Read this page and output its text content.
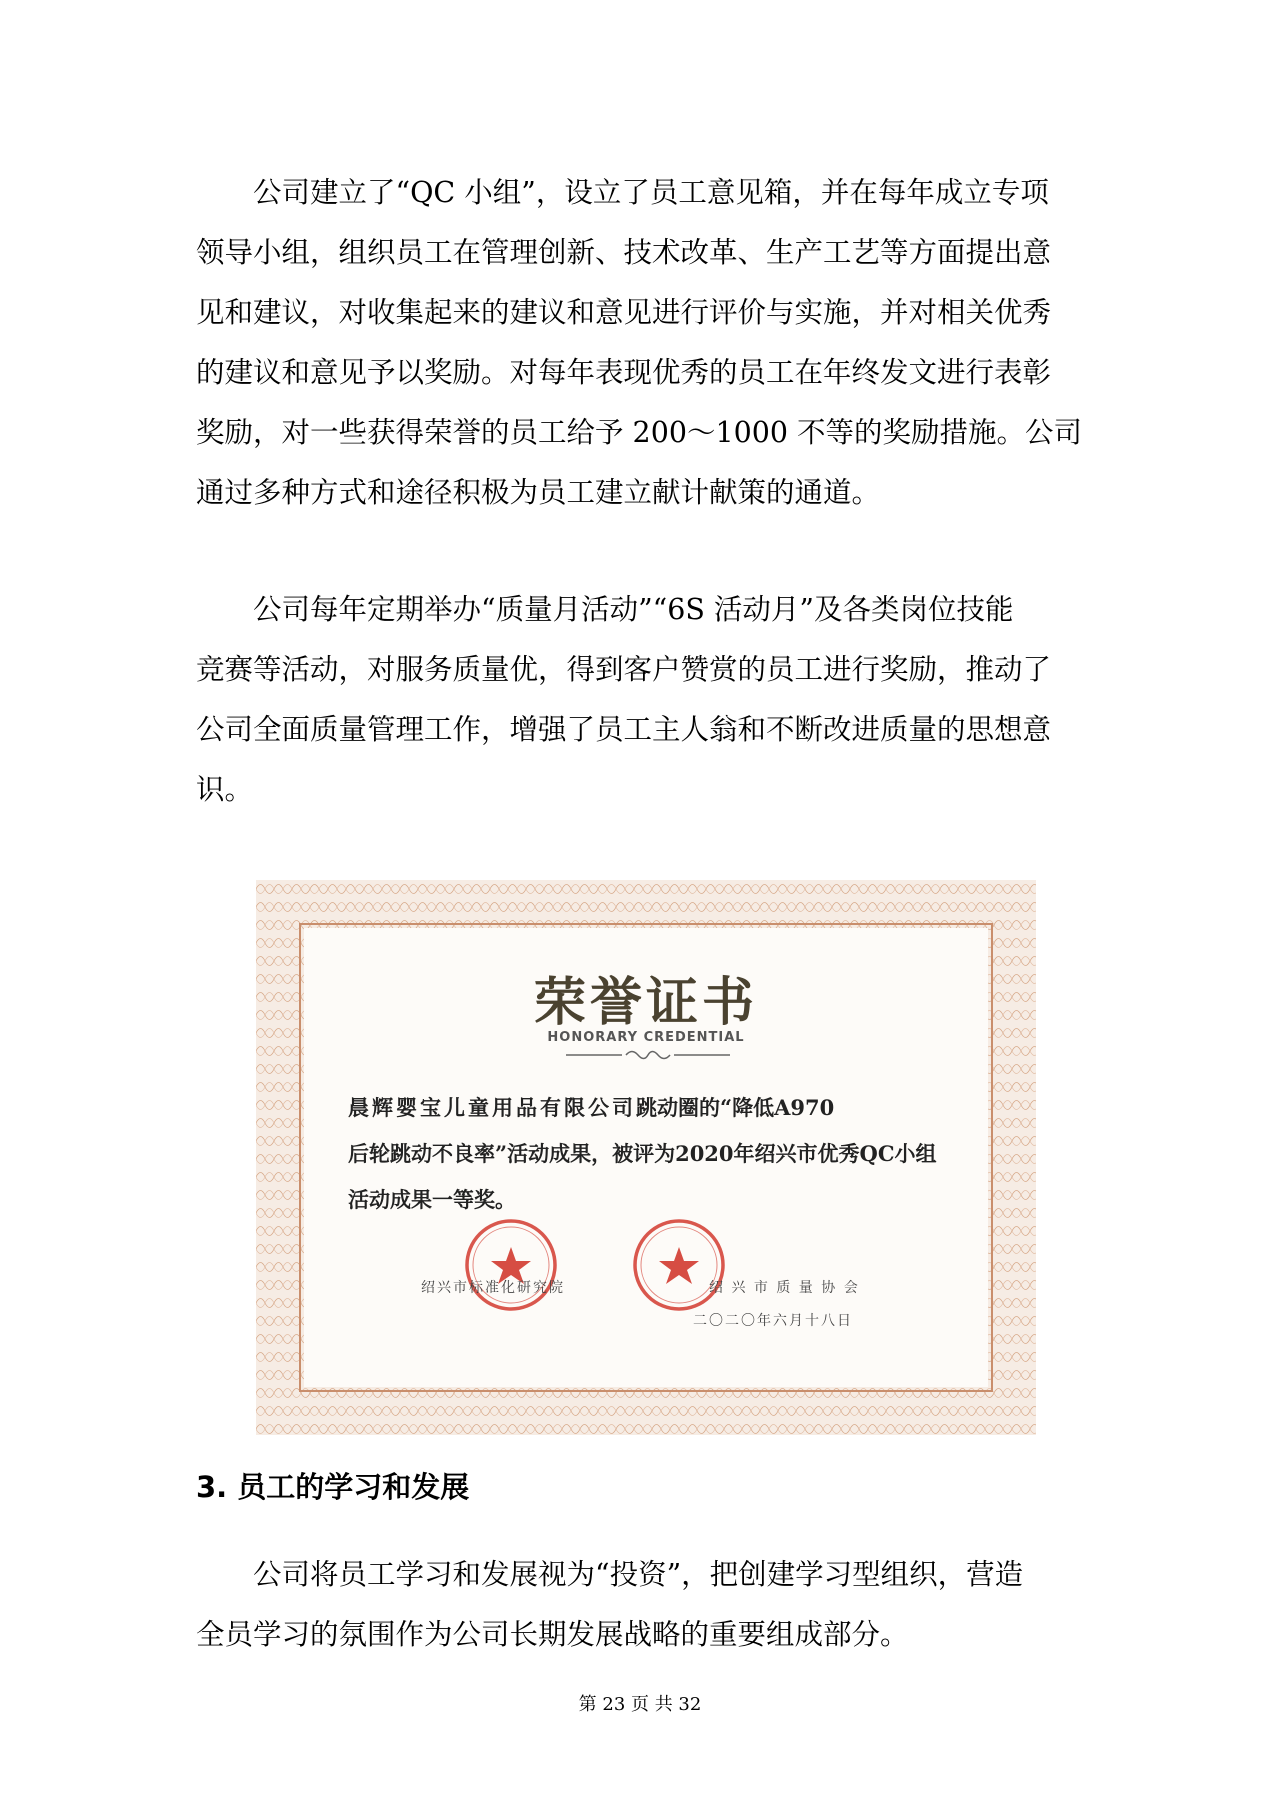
　　公司建立了“QC 小组”，设立了员工意见箱，并在每年成立专项
领导小组，组织员工在管理创新、技术改革、生产工艺等方面提出意
见和建议，对收集起来的建议和意见进行评价与实施，并对相关优秀
的建议和意见予以奖励。对每年表现优秀的员工在年终发文进行表彰
奖励，对一些获得荣誉的员工给予 200～1000 不等的奖励措施。公司
通过多种方式和途径积极为员工建立献计献策的通道。
　　公司每年定期举办“质量月活动”“6S 活动月”及各类岗位技能
竞赛等活动，对服务质量优，得到客户赞赏的员工进行奖励，推动了
公司全面质量管理工作，增强了员工主人翁和不断改进质量的思想意
识。
荣誉证书
HONORARY CREDENTIAL
晨辉婴宝儿童用品有限公司跳动圈的“降低A970
后轮跳动不良率”活动成果，被评为2020年绍兴市优秀QC小组
活动成果一等奖。
绍兴市标准化研究院	绍 兴 市 质 量 协 会
二〇二〇年六月十八日
3. 员工的学习和发展
　　公司将员工学习和发展视为“投资”，把创建学习型组织，营造
全员学习的氛围作为公司长期发展战略的重要组成部分。
第 23 页 共 32
